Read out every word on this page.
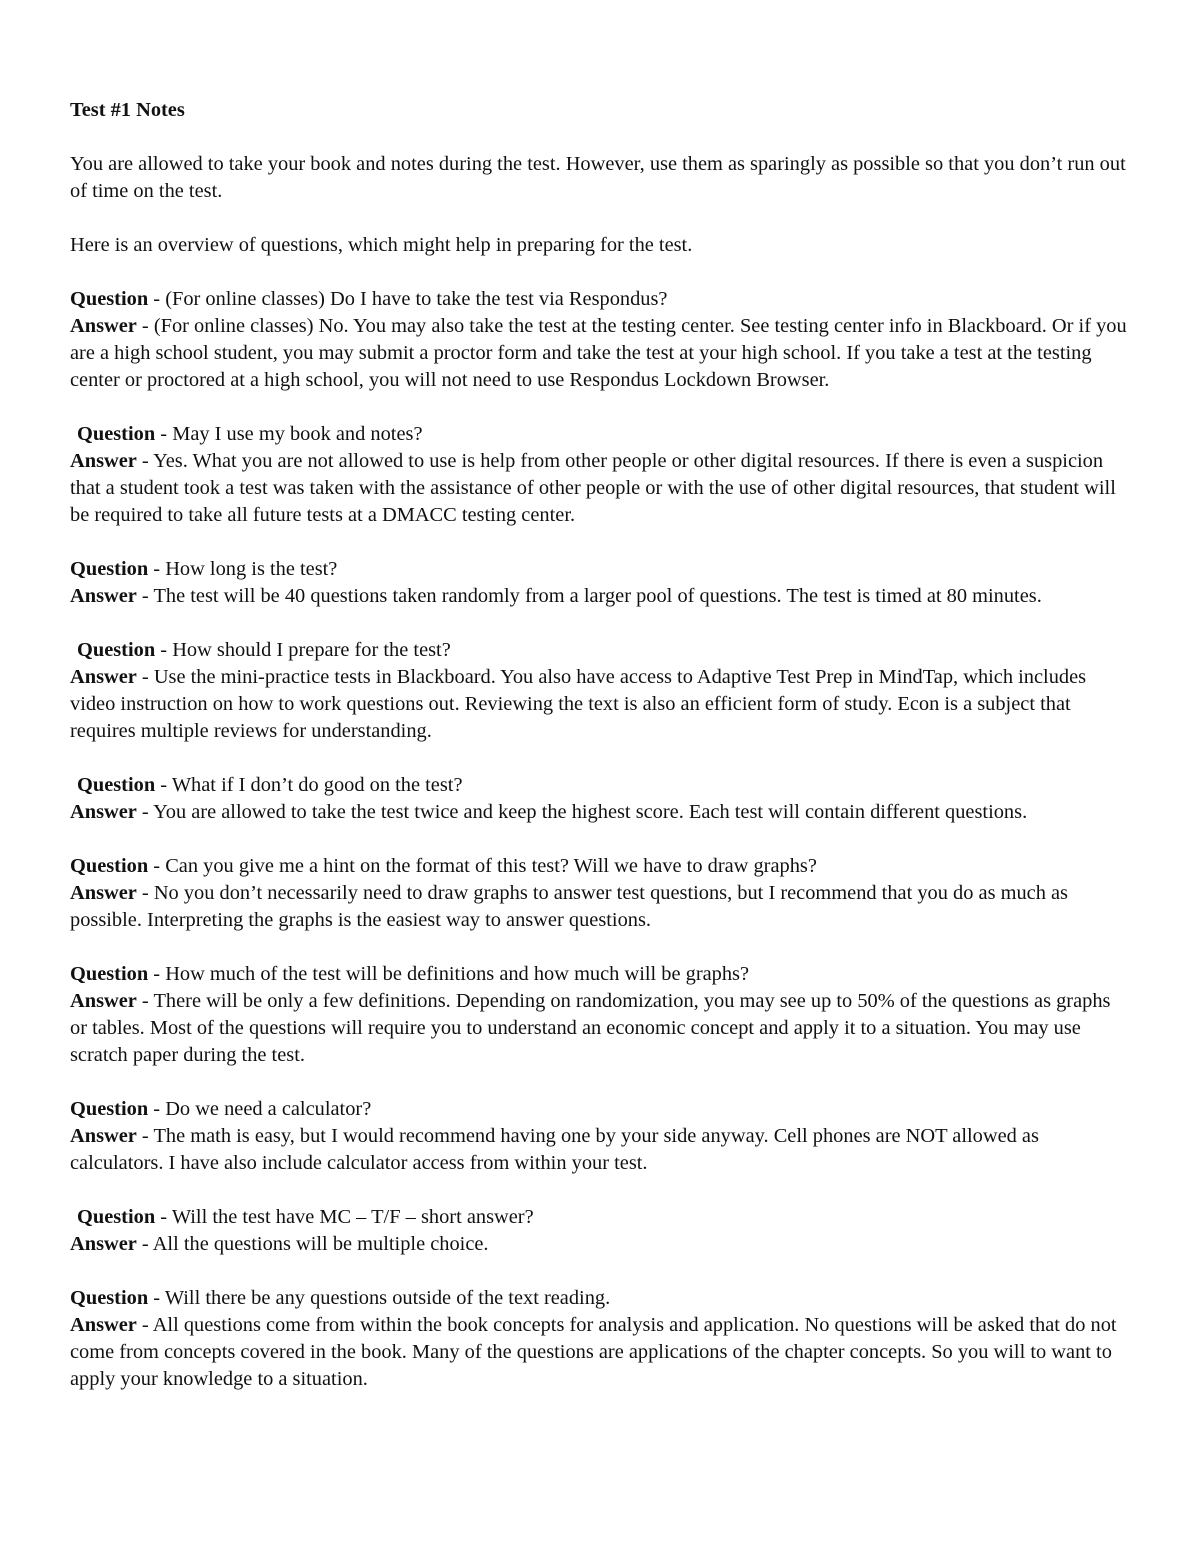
Test #1 Notes

You are allowed to take your book and notes during the test. However, use them as sparingly as possible so that you don’t run out of time on the test.

Here is an overview of questions, which might help in preparing for the test.

Question - (For online classes) Do I have to take the test via Respondus?

Answer - (For online classes) No. You may also take the test at the testing center. See testing center info in Blackboard. Or if you are a high school student, you may submit a proctor form and take the test at your high school. If you take a test at the testing center or proctored at a high school, you will not need to use Respondus Lockdown Browser.

Question - May I use my book and notes?

Answer - Yes. What you are not allowed to use is help from other people or other digital resources. If there is even a suspicion that a student took a test was taken with the assistance of other people or with the use of other digital resources, that student will be required to take all future tests at a DMACC testing center.

Question - How long is the test?

Answer - The test will be 40 questions taken randomly from a larger pool of questions. The test is timed at 80 minutes.

Question - How should I prepare for the test?

Answer - Use the mini-practice tests in Blackboard. You also have access to Adaptive Test Prep in MindTap, which includes video instruction on how to work questions out. Reviewing the text is also an efficient form of study. Econ is a subject that requires multiple reviews for understanding.

Question - What if I don’t do good on the test?

Answer - You are allowed to take the test twice and keep the highest score. Each test will contain different questions.

Question - Can you give me a hint on the format of this test? Will we have to draw graphs?

Answer - No you don’t necessarily need to draw graphs to answer test questions, but I recommend that you do as much as possible. Interpreting the graphs is the easiest way to answer questions.

Question - How much of the test will be definitions and how much will be graphs?

Answer - There will be only a few definitions. Depending on randomization, you may see up to 50% of the questions as graphs or tables. Most of the questions will require you to understand an economic concept and apply it to a situation. You may use scratch paper during the test.

Question - Do we need a calculator?

Answer - The math is easy, but I would recommend having one by your side anyway. Cell phones are NOT allowed as calculators. I have also include calculator access from within your test.

Question - Will the test have MC – T/F – short answer?

Answer - All the questions will be multiple choice.

Question - Will there be any questions outside of the text reading.

Answer - All questions come from within the book concepts for analysis and application. No questions will be asked that do not come from concepts covered in the book. Many of the questions are applications of the chapter concepts. So you will to want to apply your knowledge to a situation.
